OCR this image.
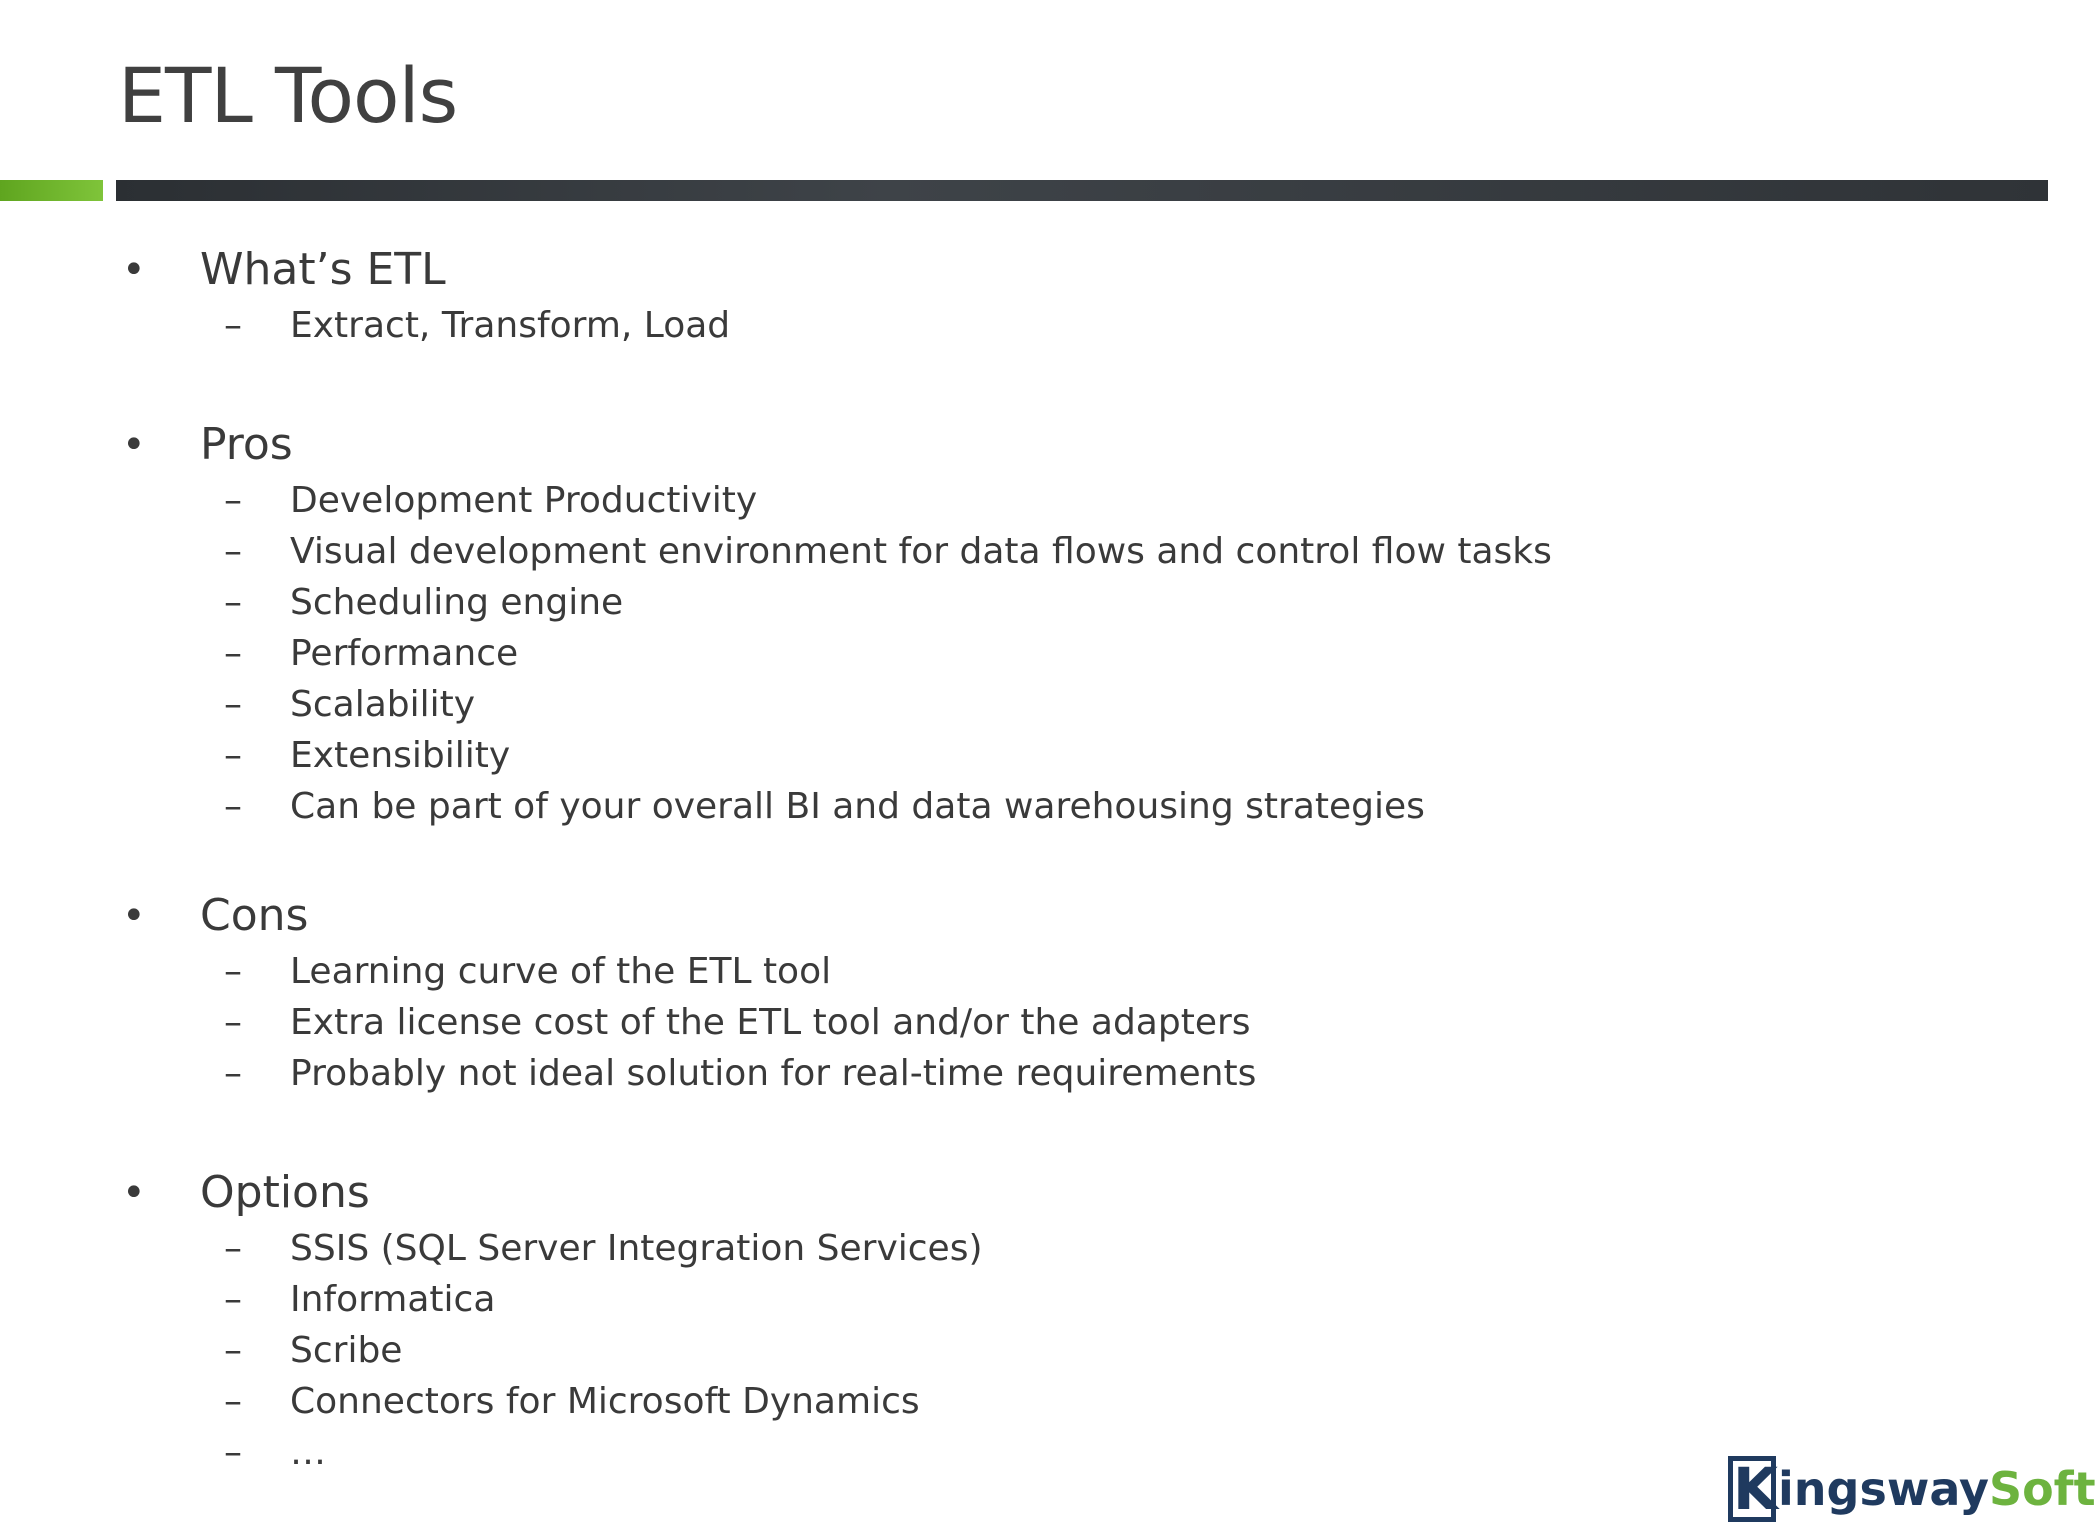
ETL Tools
• What’s ETL
– Extract, Transform, Load
• Pros
– Development Productivity
– Visual development environment for data flows and control flow tasks
– Scheduling engine
– Performance
– Scalability
– Extensibility
– Can be part of your overall BI and data warehousing strategies
• Cons
– Learning curve of the ETL tool
– Extra license cost of the ETL tool and/or the adapters
– Probably not ideal solution for real-time requirements
• Options
– SSIS (SQL Server Integration Services)
– Informatica
– Scribe
– Connectors for Microsoft Dynamics
– …
K ingsway Soft
